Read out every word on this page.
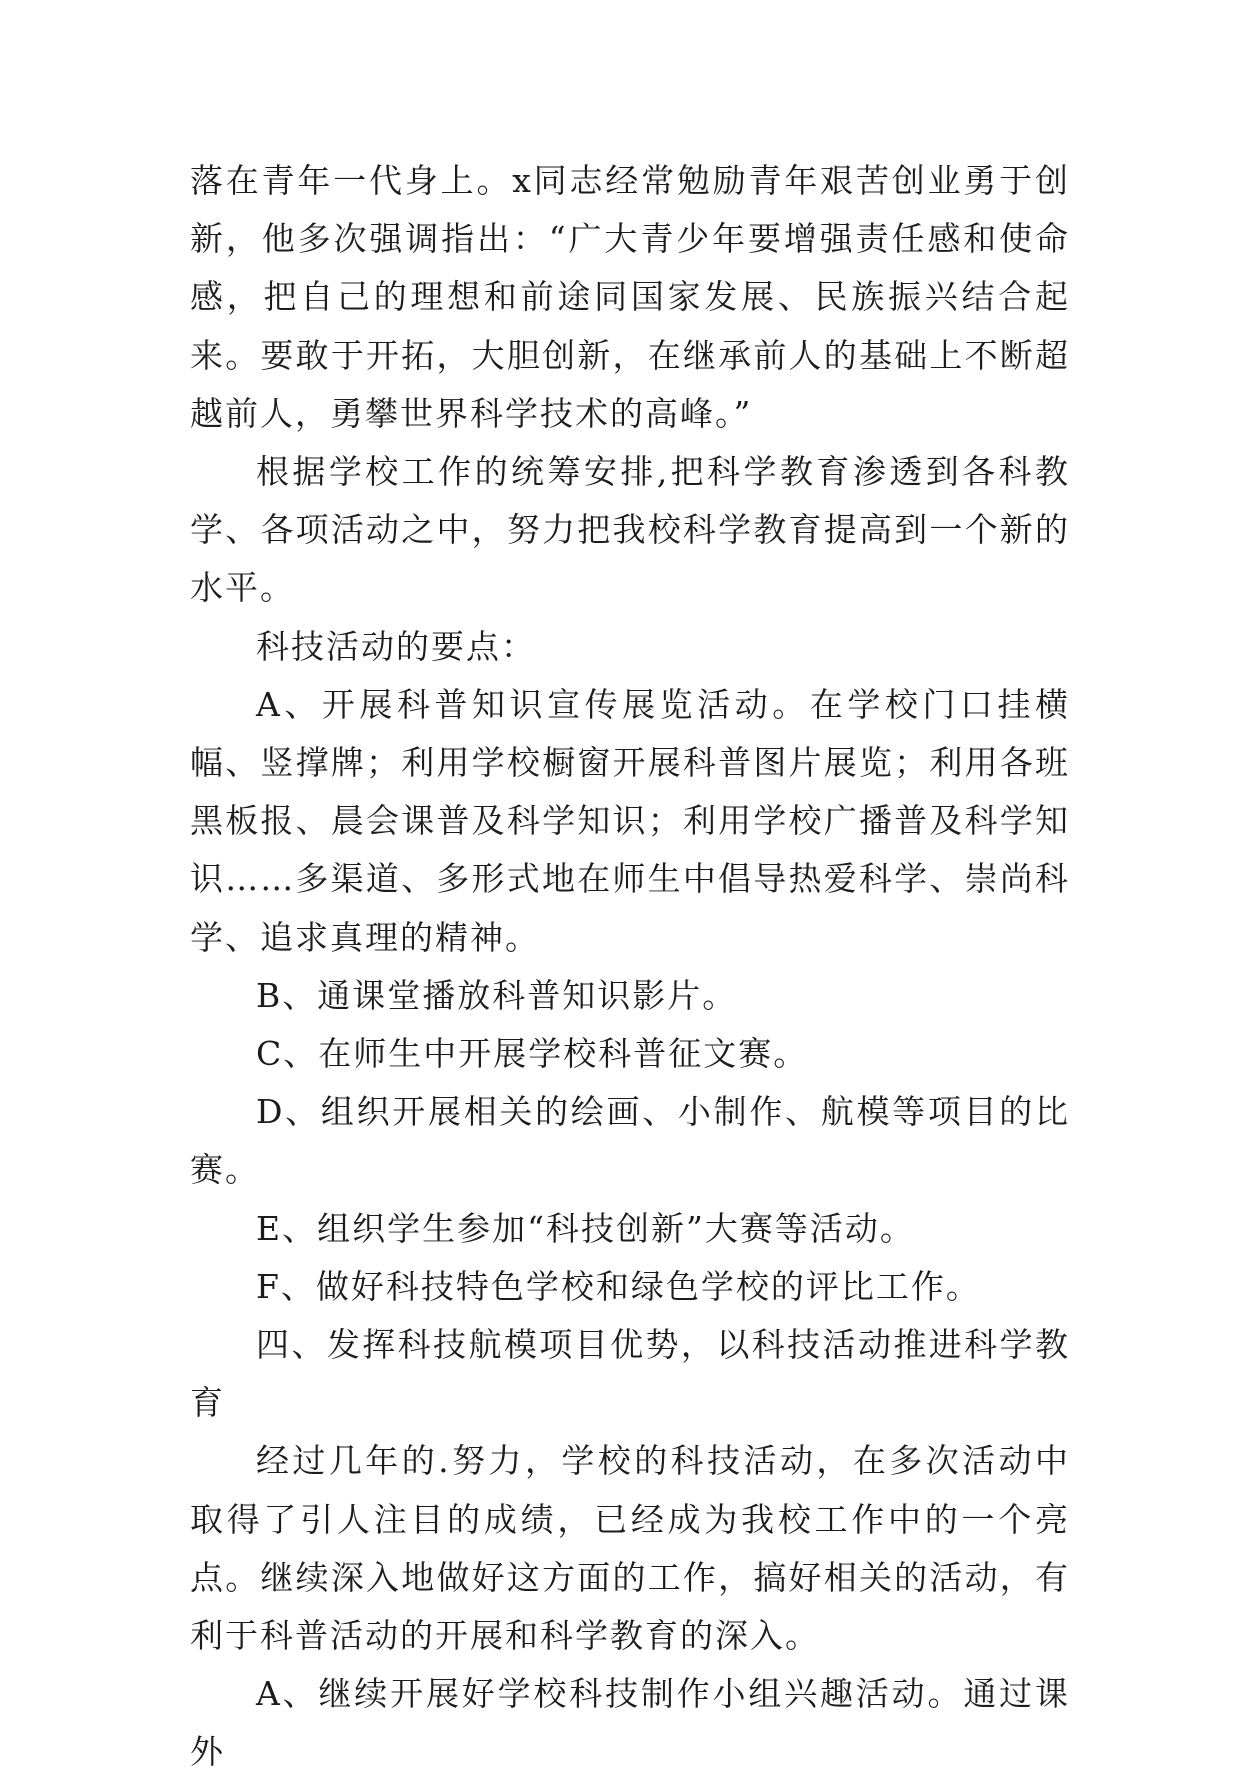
落在青年一代身上。x同志经常勉励青年艰苦创业勇于创新，他多次强调指出：“广大青少年要增强责任感和使命感，把自己的理想和前途同国家发展、民族振兴结合起来。要敢于开拓，大胆创新，在继承前人的基础上不断超越前人，勇攀世界科学技术的高峰。”

根据学校工作的统筹安排,把科学教育渗透到各科教学、各项活动之中，努力把我校科学教育提高到一个新的水平。

科技活动的要点：

A、开展科普知识宣传展览活动。在学校门口挂横幅、竖撑牌；利用学校橱窗开展科普图片展览；利用各班黑板报、晨会课普及科学知识；利用学校广播普及科学知识……多渠道、多形式地在师生中倡导热爱科学、崇尚科学、追求真理的精神。

B、通课堂播放科普知识影片。

C、在师生中开展学校科普征文赛。

D、组织开展相关的绘画、小制作、航模等项目的比赛。

E、组织学生参加“科技创新”大赛等活动。

F、做好科技特色学校和绿色学校的评比工作。

四、发挥科技航模项目优势，以科技活动推进科学教育

经过几年的.努力，学校的科技活动，在多次活动中取得了引人注目的成绩，已经成为我校工作中的一个亮点。继续深入地做好这方面的工作，搞好相关的活动，有利于科普活动的开展和科学教育的深入。

A、继续开展好学校科技制作小组兴趣活动。通过课外
